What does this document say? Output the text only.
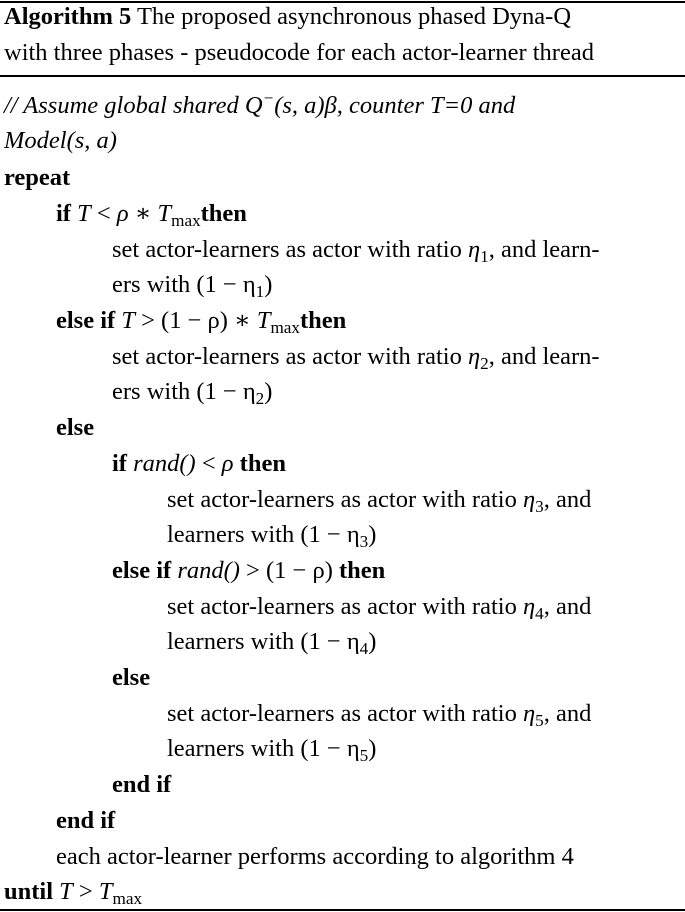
Algorithm 5 The proposed asynchronous phased Dyna-Q
with three phases - pseudocode for each actor-learner thread
// Assume global shared Q−(s, a)β, counter T=0 and
Model(s, a)
repeat
if T < ρ ∗ $T_{max}then$
set actor-learners as actor with ratio $\eta_1$, and learn-
ers with $(1 - \eta_1)$
else if T > (1 − ρ) ∗ $T_{max}then$
set actor-learners as actor with ratio $\eta_2$, and learn-
ers with $(1 - \eta_2)$
else
if rand() < ρ then
set actor-learners as actor with ratio $\eta_3$, and
learners with $(1 - \eta_3)$
else if rand() > (1 − ρ) then
set actor-learners as actor with ratio $\eta_4$, and
learners with $(1 - \eta_4)$
else
set actor-learners as actor with ratio $\eta_5$, and
learners with $(1 - \eta_5)$
end if
end if
each actor-learner performs according to algorithm 4
until $T > T_{max}$
